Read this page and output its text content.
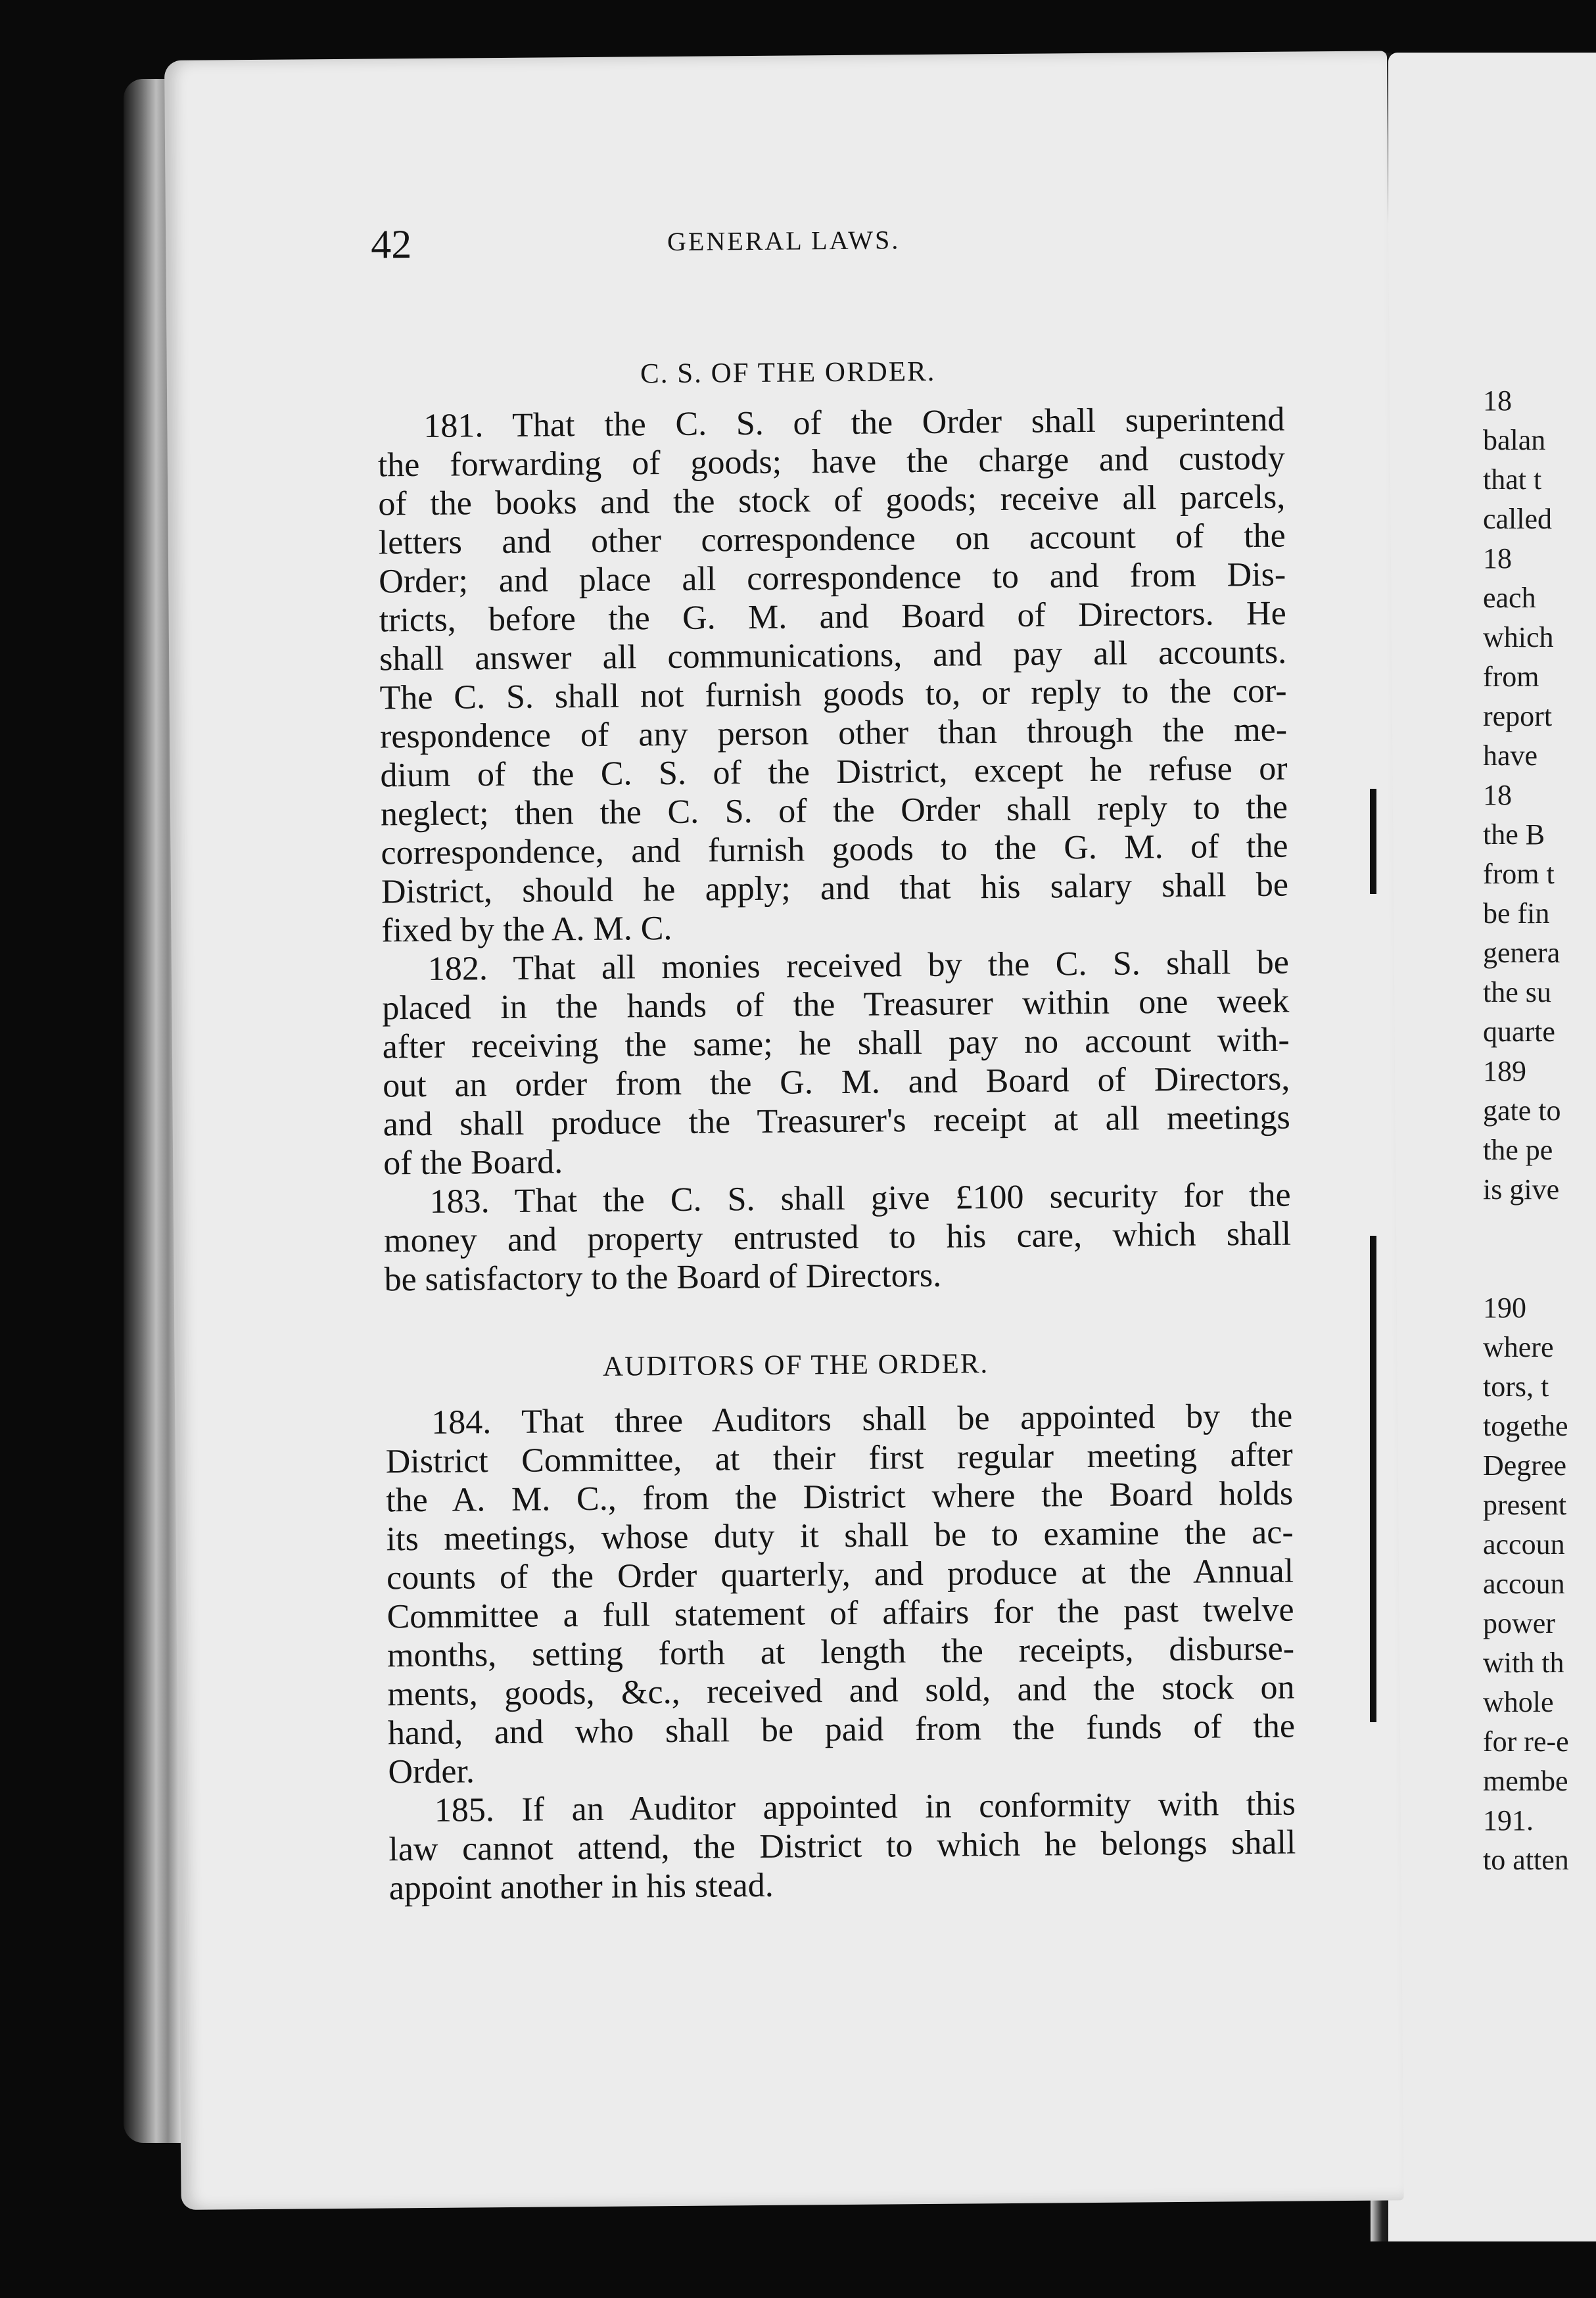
18
balan
that t
called
18
each
which
from
report
have
18
the B
from t
be fin
genera
the su
quarte
189
gate to
the pe
is give
190
where
tors, t
togethe
Degree
present
accoun
accoun
power
with th
whole
for re-e
membe
191.
to atten
42	GENERAL LAWS.
C. S. OF THE ORDER.
181. That the C. S. of the Order shall superintend
the forwarding of goods; have the charge and custody
of the books and the stock of goods; receive all parcels,
letters and other correspondence on account of the
Order; and place all correspondence to and from Dis-
tricts, before the G. M. and Board of Directors. He
shall answer all communications, and pay all accounts.
The C. S. shall not furnish goods to, or reply to the cor-
respondence of any person other than through the me-
dium of the C. S. of the District, except he refuse or
neglect; then the C. S. of the Order shall reply to the
correspondence, and furnish goods to the G. M. of the
District, should he apply; and that his salary shall be
fixed by the A. M. C.
182. That all monies received by the C. S. shall be
placed in the hands of the Treasurer within one week
after receiving the same; he shall pay no account with-
out an order from the G. M. and Board of Directors,
and shall produce the Treasurer's receipt at all meetings
of the Board.
183. That the C. S. shall give £100 security for the
money and property entrusted to his care, which shall
be satisfactory to the Board of Directors.
AUDITORS OF THE ORDER.
184. That three Auditors shall be appointed by the
District Committee, at their first regular meeting after
the A. M. C., from the District where the Board holds
its meetings, whose duty it shall be to examine the ac-
counts of the Order quarterly, and produce at the Annual
Committee a full statement of affairs for the past twelve
months, setting forth at length the receipts, disburse-
ments, goods, &c., received and sold, and the stock on
hand, and who shall be paid from the funds of the
Order.
185. If an Auditor appointed in conformity with this
law cannot attend, the District to which he belongs shall
appoint another in his stead.
